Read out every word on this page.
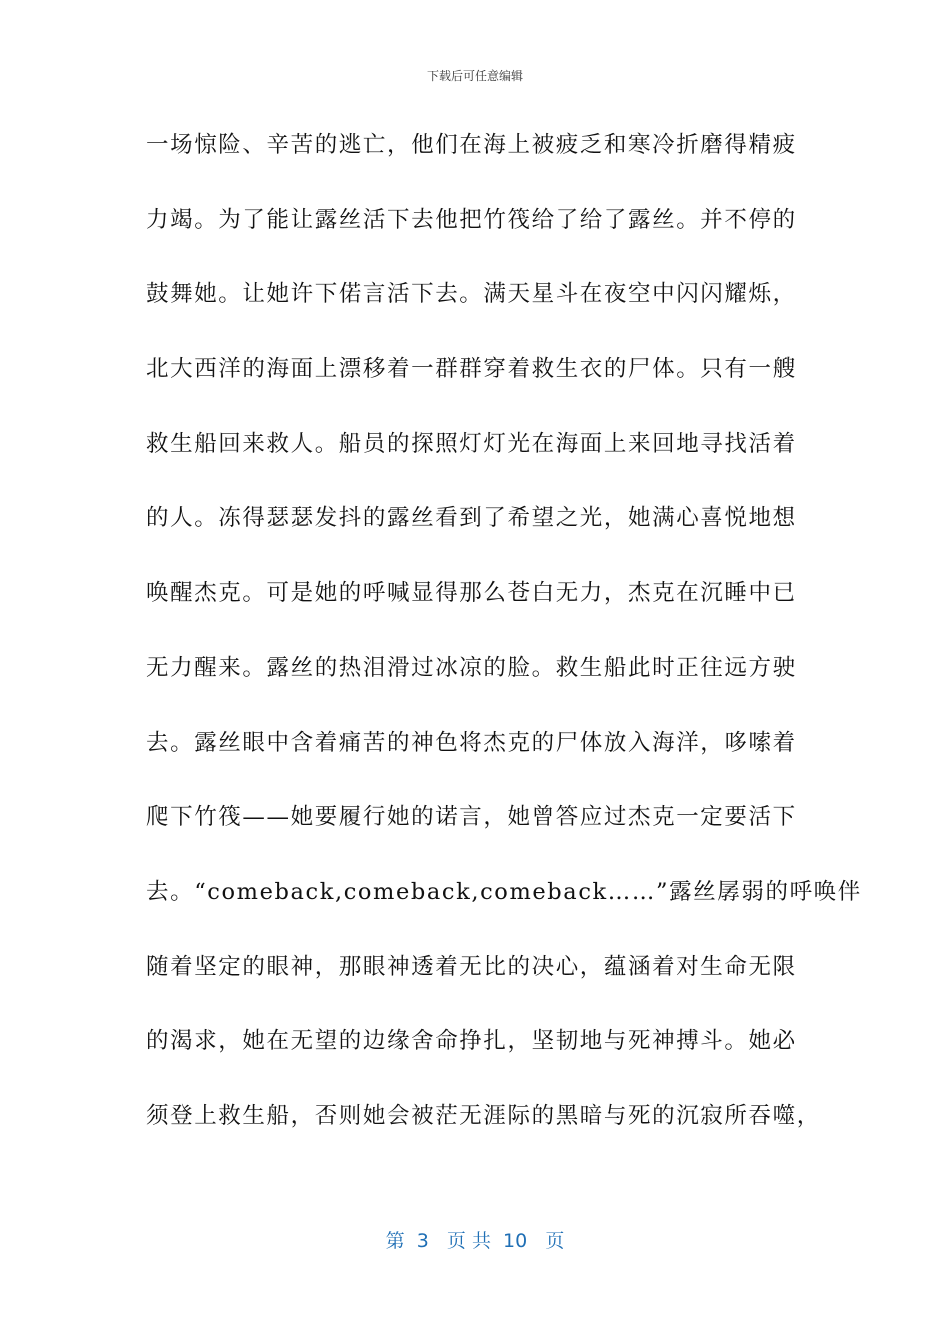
下载后可任意编辑
一场惊险、辛苦的逃亡，他们在海上被疲乏和寒冷折磨得精疲
力竭。为了能让露丝活下去他把竹筏给了给了露丝。并不停的
鼓舞她。让她许下偌言活下去。满天星斗在夜空中闪闪耀烁，
北大西洋的海面上漂移着一群群穿着救生衣的尸体。只有一艘
救生船回来救人。船员的探照灯灯光在海面上来回地寻找活着
的人。冻得瑟瑟发抖的露丝看到了希望之光，她满心喜悦地想
唤醒杰克。可是她的呼喊显得那么苍白无力，杰克在沉睡中已
无力醒来。露丝的热泪滑过冰凉的脸。救生船此时正往远方驶
去。露丝眼中含着痛苦的神色将杰克的尸体放入海洋，哆嗦着
爬下竹筏——她要履行她的诺言，她曾答应过杰克一定要活下
去。“comeback,comeback,comeback……”露丝孱弱的呼唤伴
随着坚定的眼神，那眼神透着无比的决心，蕴涵着对生命无限
的渴求，她在无望的边缘舍命挣扎，坚韧地与死神搏斗。她必
须登上救生船，否则她会被茫无涯际的黑暗与死的沉寂所吞噬，
第  3   页 共  10   页
